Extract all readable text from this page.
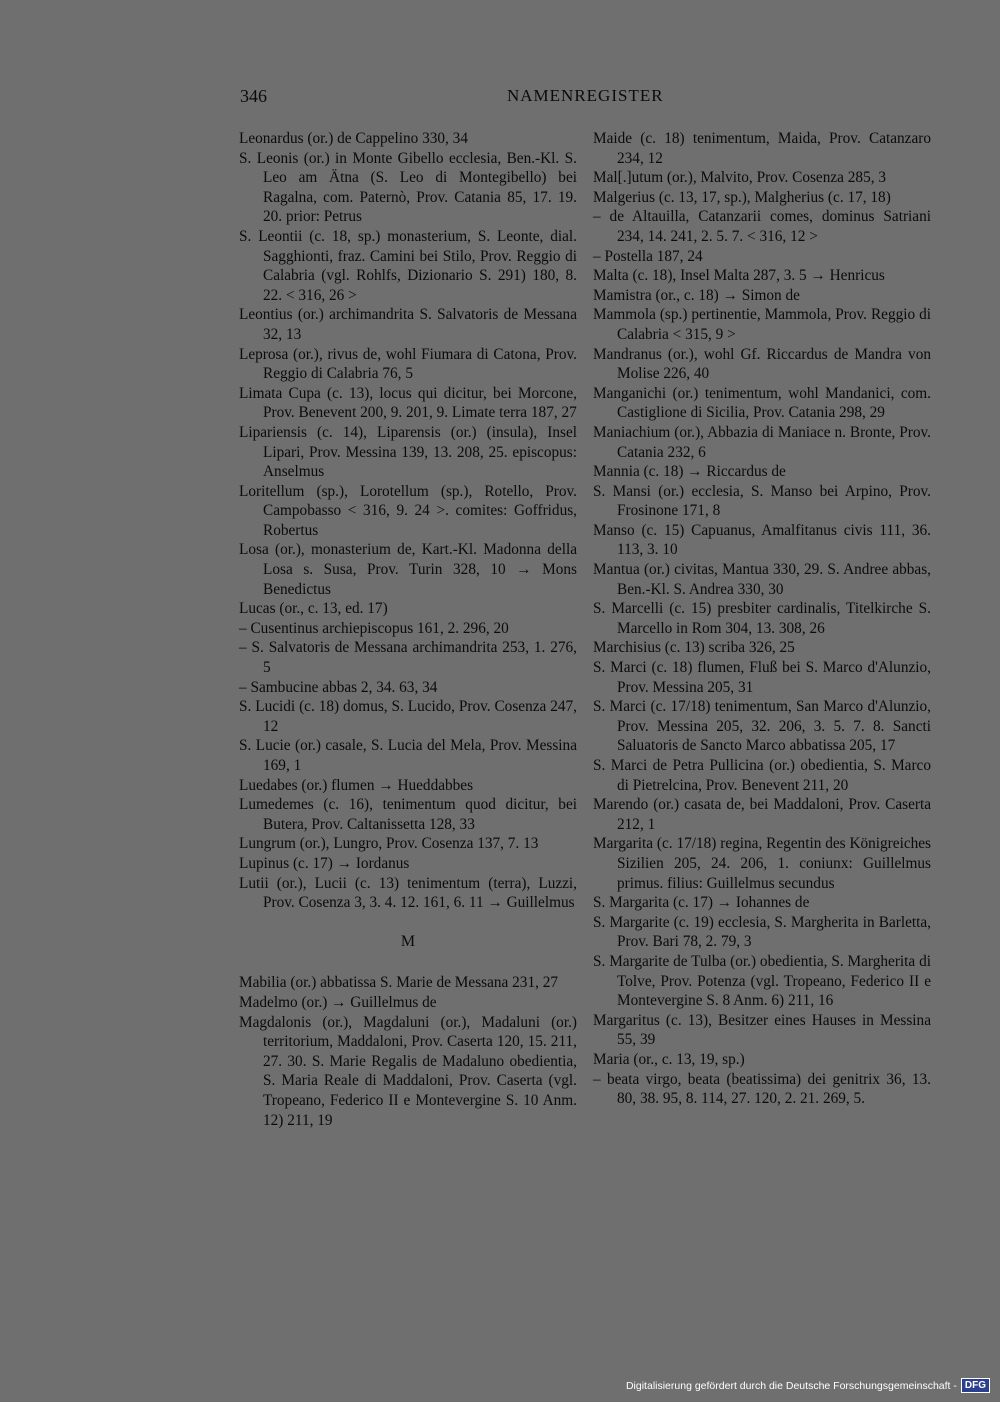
346	NAMENREGISTER

Leonardus (or.) de Cappelino 330, 34

S. Leonis (or.) in Monte Gibello ecclesia, Ben.-Kl. S. Leo am Ätna (S. Leo di Montegibello) bei Ragalna, com. Paternò, Prov. Catania 85, 17. 19. 20. prior: Petrus

S. Leontii (c. 18, sp.) monasterium, S. Leonte, dial. Sagghionti, fraz. Camini bei Stilo, Prov. Reggio di Calabria (vgl. Rohlfs, Dizionario S. 291) 180, 8. 22. < 316, 26 >

Leontius (or.) archimandrita S. Salvatoris de Messana 32, 13

Leprosa (or.), rivus de, wohl Fiumara di Catona, Prov. Reggio di Calabria 76, 5

Limata Cupa (c. 13), locus qui dicitur, bei Morcone, Prov. Benevent 200, 9. 201, 9. Limate terra 187, 27

Lipariensis (c. 14), Liparensis (or.) (insula), Insel Lipari, Prov. Messina 139, 13. 208, 25. episcopus: Anselmus

Loritellum (sp.), Lorotellum (sp.), Rotello, Prov. Campobasso < 316, 9. 24 >. comites: Goffridus, Robertus

Losa (or.), monasterium de, Kart.-Kl. Madonna della Losa s. Susa, Prov. Turin 328, 10 → Mons Benedictus

Lucas (or., c. 13, ed. 17)

– Cusentinus archiepiscopus 161, 2. 296, 20

– S. Salvatoris de Messana archimandrita 253, 1. 276, 5

– Sambucine abbas 2, 34. 63, 34

S. Lucidi (c. 18) domus, S. Lucido, Prov. Cosenza 247, 12

S. Lucie (or.) casale, S. Lucia del Mela, Prov. Messina 169, 1

Luedabes (or.) flumen → Hueddabbes

Lumedemes (c. 16), tenimentum quod dicitur, bei Butera, Prov. Caltanissetta 128, 33

Lungrum (or.), Lungro, Prov. Cosenza 137, 7. 13

Lupinus (c. 17) → Iordanus

Lutii (or.), Lucii (c. 13) tenimentum (terra), Luzzi, Prov. Cosenza 3, 3. 4. 12. 161, 6. 11 → Guillelmus

M

Mabilia (or.) abbatissa S. Marie de Messana 231, 27

Madelmo (or.) → Guillelmus de

Magdalonis (or.), Magdaluni (or.), Madaluni (or.) territorium, Maddaloni, Prov. Caserta 120, 15. 211, 27. 30. S. Marie Regalis de Madaluno obedientia, S. Maria Reale di Maddaloni, Prov. Caserta (vgl. Tropeano, Federico II e Montevergine S. 10 Anm. 12) 211, 19

Maide (c. 18) tenimentum, Maida, Prov. Catanzaro 234, 12

Mal[.]utum (or.), Malvito, Prov. Cosenza 285, 3

Malgerius (c. 13, 17, sp.), Malgherius (c. 17, 18)

– de Altauilla, Catanzarii comes, dominus Satriani 234, 14. 241, 2. 5. 7. < 316, 12 >

– Postella 187, 24

Malta (c. 18), Insel Malta 287, 3. 5 → Henricus

Mamistra (or., c. 18) → Simon de

Mammola (sp.) pertinentie, Mammola, Prov. Reggio di Calabria < 315, 9 >

Mandranus (or.), wohl Gf. Riccardus de Mandra von Molise 226, 40

Manganichi (or.) tenimentum, wohl Mandanici, com. Castiglione di Sicilia, Prov. Catania 298, 29

Maniachium (or.), Abbazia di Maniace n. Bronte, Prov. Catania 232, 6

Mannia (c. 18) → Riccardus de

S. Mansi (or.) ecclesia, S. Manso bei Arpino, Prov. Frosinone 171, 8

Manso (c. 15) Capuanus, Amalfitanus civis 111, 36. 113, 3. 10

Mantua (or.) civitas, Mantua 330, 29. S. Andree abbas, Ben.-Kl. S. Andrea 330, 30

S. Marcelli (c. 15) presbiter cardinalis, Titelkirche S. Marcello in Rom 304, 13. 308, 26

Marchisius (c. 13) scriba 326, 25

S. Marci (c. 18) flumen, Fluß bei S. Marco d'Alunzio, Prov. Messina 205, 31

S. Marci (c. 17/18) tenimentum, San Marco d'Alunzio, Prov. Messina 205, 32. 206, 3. 5. 7. 8. Sancti Saluatoris de Sancto Marco abbatissa 205, 17

S. Marci de Petra Pullicina (or.) obedientia, S. Marco di Pietrelcina, Prov. Benevent 211, 20

Marendo (or.) casata de, bei Maddaloni, Prov. Caserta 212, 1

Margarita (c. 17/18) regina, Regentin des Königreiches Sizilien 205, 24. 206, 1. coniunx: Guillelmus primus. filius: Guillelmus secundus

S. Margarita (c. 17) → Iohannes de

S. Margarite (c. 19) ecclesia, S. Margherita in Barletta, Prov. Bari 78, 2. 79, 3

S. Margarite de Tulba (or.) obedientia, S. Margherita di Tolve, Prov. Potenza (vgl. Tropeano, Federico II e Montevergine S. 8 Anm. 6) 211, 16

Margaritus (c. 13), Besitzer eines Hauses in Messina 55, 39

Maria (or., c. 13, 19, sp.)

– beata virgo, beata (beatissima) dei genitrix 36, 13. 80, 38. 95, 8. 114, 27. 120, 2. 21. 269, 5.

Digitalisierung gefördert durch die Deutsche Forschungsgemeinschaft - DFG
